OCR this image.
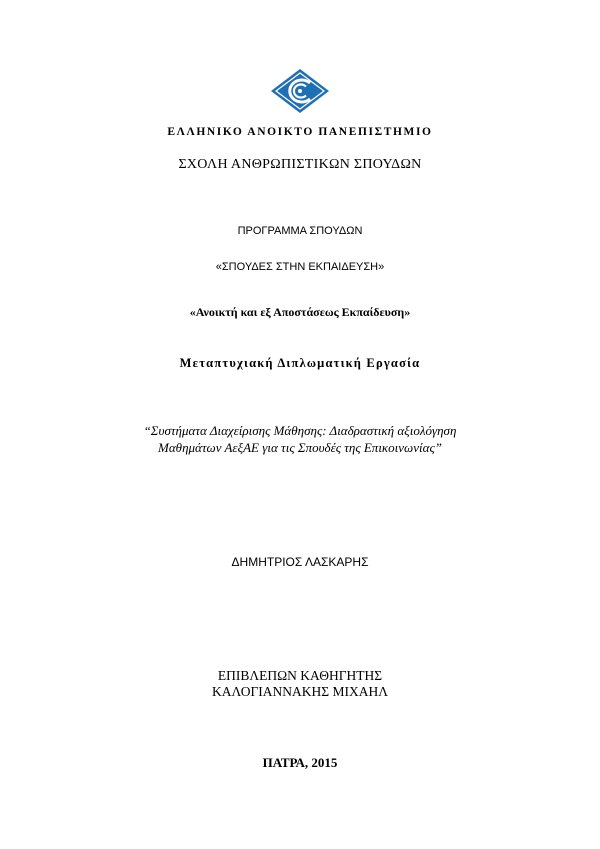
ΕΛΛΗΝΙΚΟ ΑΝΟΙΚΤΟ ΠΑΝΕΠΙΣΤΗΜΙΟ
ΣΧΟΛΗ ΑΝΘΡΩΠΙΣΤΙΚΩΝ ΣΠΟΥΔΩΝ
ΠΡΟΓΡΑΜΜΑ ΣΠΟΥΔΩΝ
«ΣΠΟΥΔΕΣ ΣΤΗΝ ΕΚΠΑΙΔΕΥΣΗ»
«Ανοικτή και εξ Αποστάσεως Εκπαίδευση»
Μεταπτυχιακή Διπλωματική Εργασία
“Συστήματα Διαχείρισης Μάθησης: Διαδραστική αξιολόγηση
Μαθημάτων ΑεξΑΕ για τις Σπουδές της Επικοινωνίας”
ΔΗΜΗΤΡΙΟΣ ΛΑΣΚΑΡΗΣ
ΕΠΙΒΛΕΠΩΝ ΚΑΘΗΓΗΤΗΣ
ΚΑΛΟΓΙΑΝΝΑΚΗΣ ΜΙΧΑΗΛ
ΠΑΤΡΑ, 2015
